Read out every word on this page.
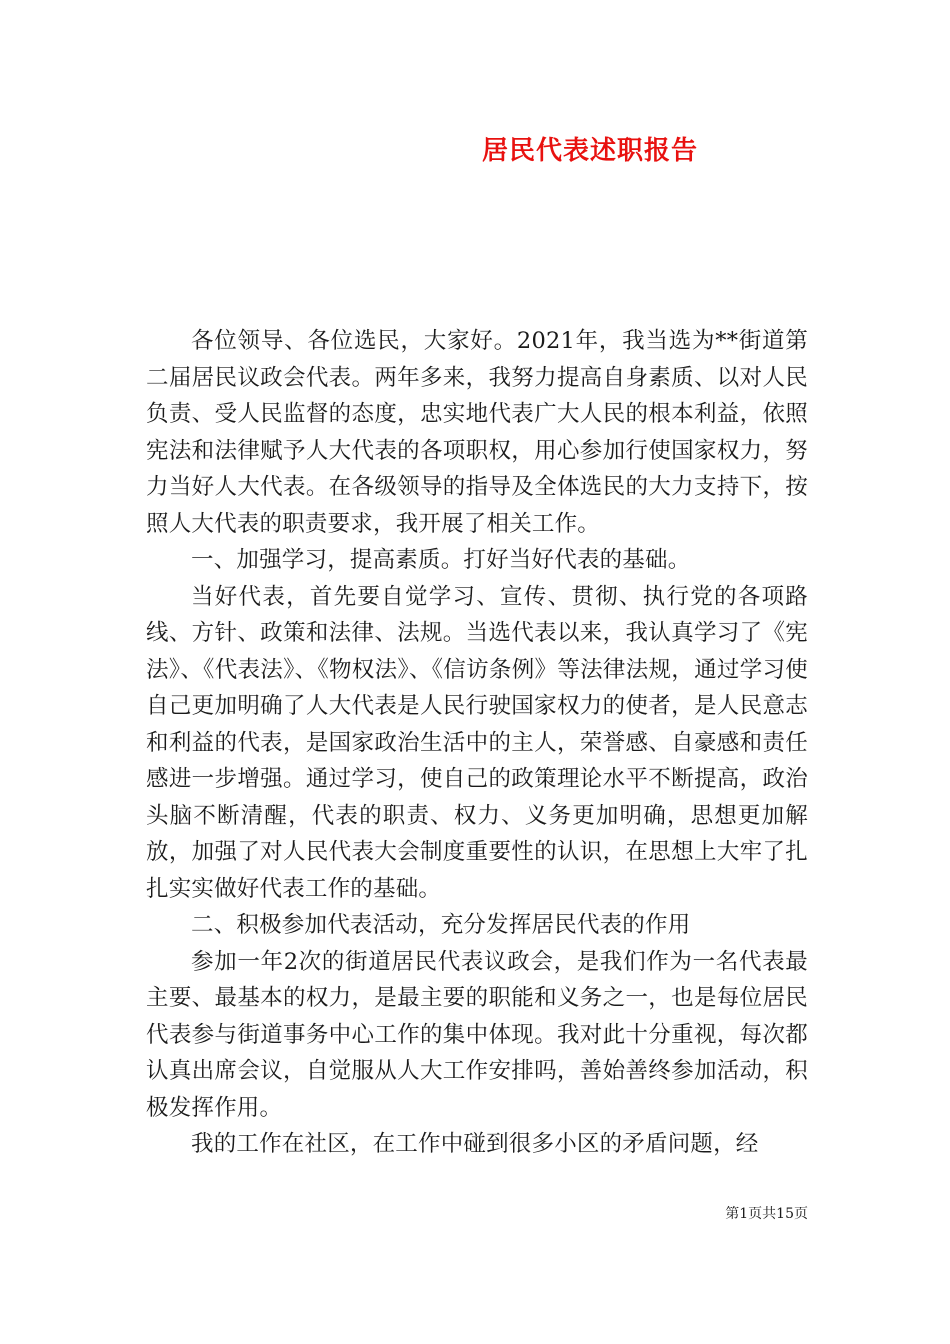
居民代表述职报告

各位领导、各位选民，大家好。2021年，我当选为**街道第二届居民议政会代表。两年多来，我努力提高自身素质、以对人民负责、受人民监督的态度，忠实地代表广大人民的根本利益，依照宪法和法律赋予人大代表的各项职权，用心参加行使国家权力，努力当好人大代表。在各级领导的指导及全体选民的大力支持下，按照人大代表的职责要求，我开展了相关工作。

一、加强学习，提高素质。打好当好代表的基础。

当好代表，首先要自觉学习、宣传、贯彻、执行党的各项路线、方针、政策和法律、法规。当选代表以来，我认真学习了《宪法》、《代表法》、《物权法》、《信访条例》等法律法规，通过学习使自己更加明确了人大代表是人民行驶国家权力的使者，是人民意志和利益的代表，是国家政治生活中的主人，荣誉感、自豪感和责任感进一步增强。通过学习，使自己的政策理论水平不断提高，政治头脑不断清醒，代表的职责、权力、义务更加明确，思想更加解放，加强了对人民代表大会制度重要性的认识，在思想上大牢了扎扎实实做好代表工作的基础。

二、积极参加代表活动，充分发挥居民代表的作用

参加一年2次的街道居民代表议政会，是我们作为一名代表最主要、最基本的权力，是最主要的职能和义务之一，也是每位居民代表参与街道事务中心工作的集中体现。我对此十分重视，每次都认真出席会议，自觉服从人大工作安排吗，善始善终参加活动，积极发挥作用。

我的工作在社区，在工作中碰到很多小区的矛盾问题，经

第1页共15页
